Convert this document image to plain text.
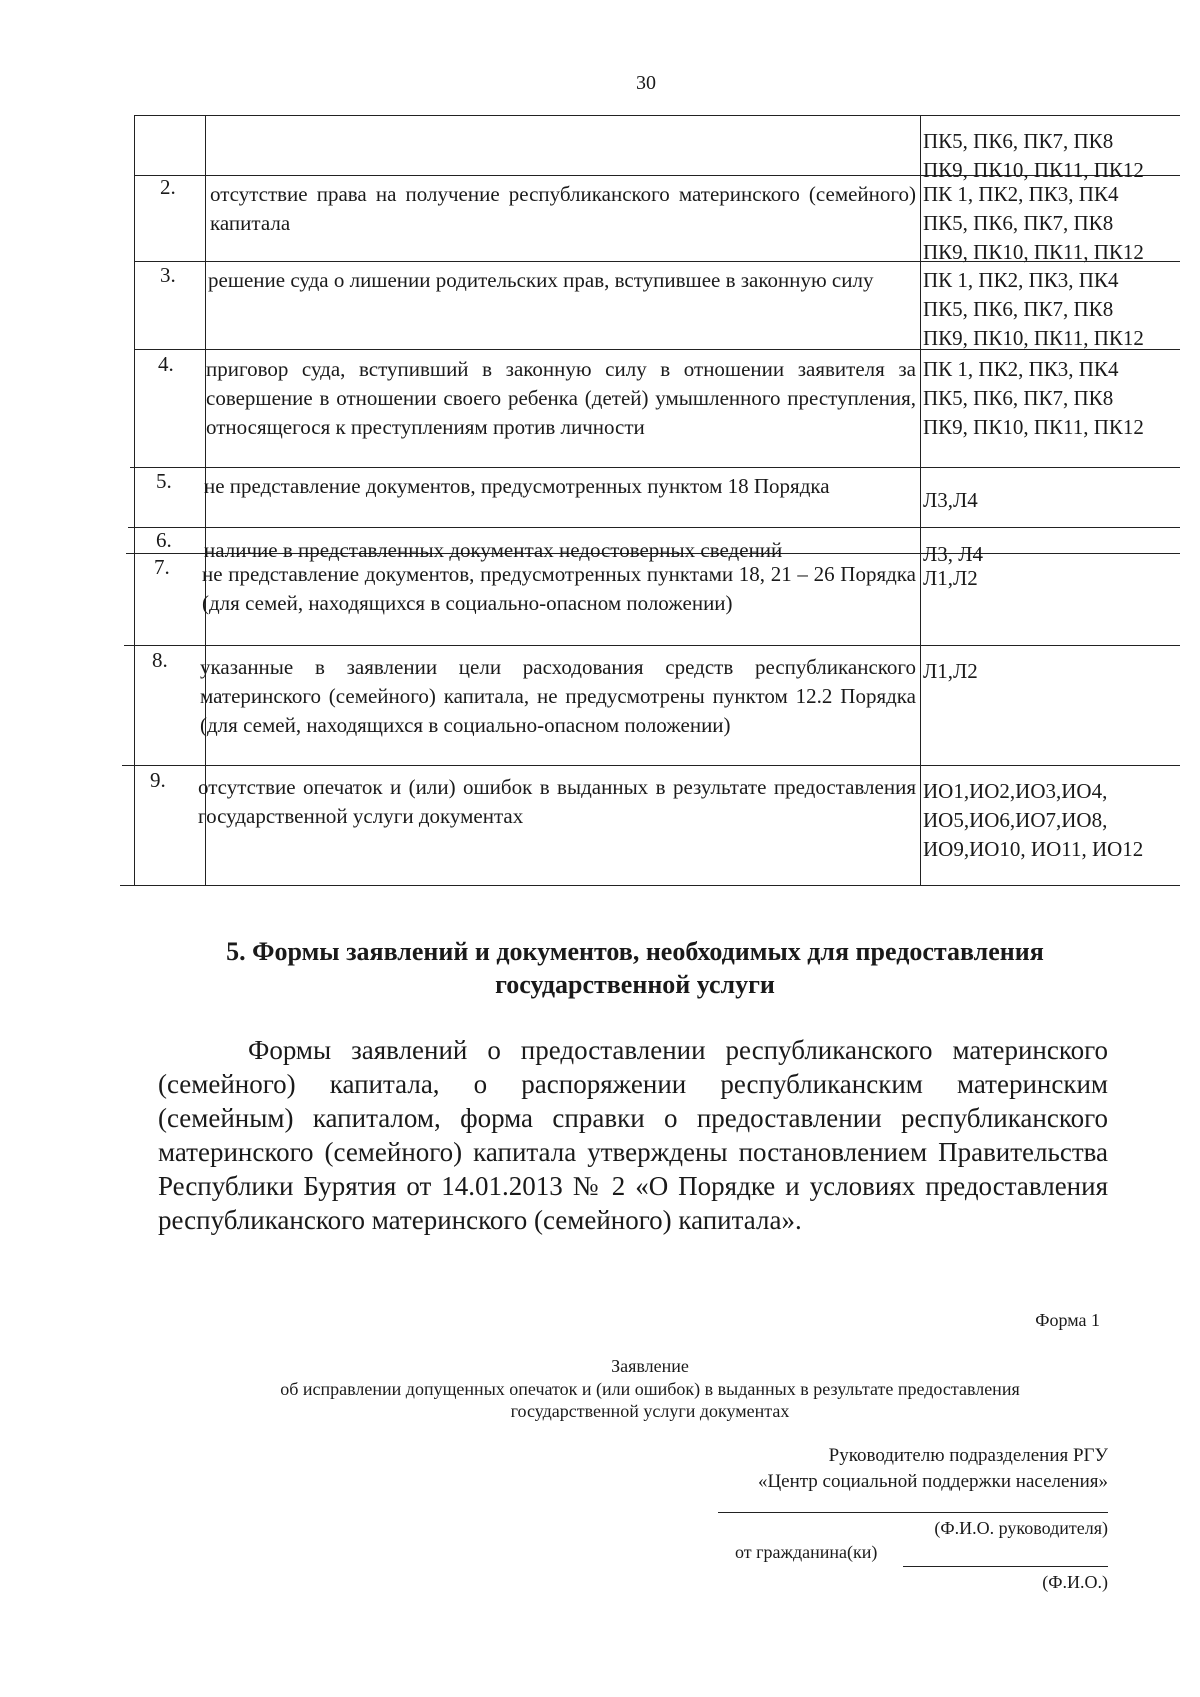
30
ПК5, ПК6, ПК7, ПК8
ПК9, ПК10, ПК11, ПК12
2. отсутствие права на получение республиканского материнского (семейного) капитала
ПК 1, ПК2, ПК3, ПК4
ПК5, ПК6, ПК7, ПК8
ПК9, ПК10, ПК11, ПК12
3. решение суда о лишении родительских прав, вступившее в законную силу	ПК 1, ПК2, ПК3, ПК4
ПК5, ПК6, ПК7, ПК8
ПК9, ПК10, ПК11, ПК12
4. приговор суда, вступивший в законную силу в отношении заявителя за совершение в отношении своего ребенка (детей) умышленного преступления, относящегося к преступлениям против личности
ПК 1, ПК2, ПК3, ПК4
ПК5, ПК6, ПК7, ПК8
ПК9, ПК10, ПК11, ПК12
5. не представление документов, предусмотренных пунктом 18 Порядка
Л3,Л4
6. наличие в представленных документах недостоверных сведений	Л3, Л4
7. не представление документов, предусмотренных пунктами 18, 21 – 26 Порядка (для семей, находящихся в социально-опасном положении)
Л1,Л2
8. указанные в заявлении цели расходования средств республиканского материнского (семейного) капитала, не предусмотрены пунктом 12.2 Порядка (для семей, находящихся в социально-опасном положении)
Л1,Л2
9. отсутствие опечаток и (или) ошибок в выданных в результате предоставления государственной услуги документах
ИО1,ИО2,ИО3,ИО4,
ИО5,ИО6,ИО7,ИО8,
ИО9,ИО10, ИО11, ИО12
5. Формы заявлений и документов, необходимых для предоставления
государственной услуги
Формы заявлений о предоставлении республиканского материнского (семейного) капитала, о распоряжении республиканским материнским (семейным) капиталом, форма справки о предоставлении республиканского материнского (семейного) капитала утверждены постановлением Правительства Республики Бурятия от 14.01.2013 № 2 «О Порядке и условиях предоставления республиканского материнского (семейного) капитала».
Форма 1
Заявление
об исправлении допущенных опечаток и (или ошибок) в выданных в результате предоставления
государственной услуги документах
Руководителю подразделения РГУ
«Центр социальной поддержки населения»
(Ф.И.О. руководителя)
от гражданина(ки)
(Ф.И.О.)
